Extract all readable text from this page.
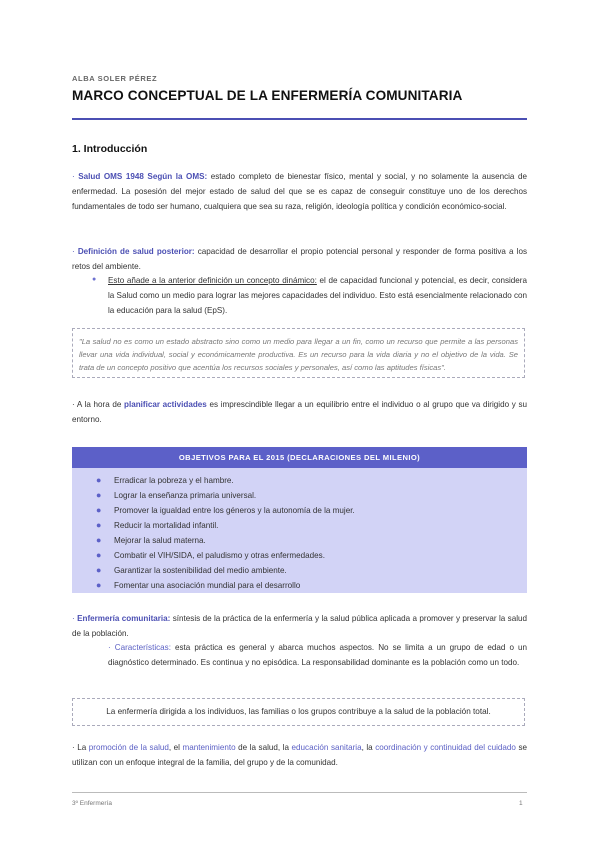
ALBA SOLER PÉREZ
MARCO CONCEPTUAL DE LA ENFERMERÍA COMUNITARIA
1. Introducción
· Salud OMS 1948 Según la OMS: estado completo de bienestar físico, mental y social, y no solamente la ausencia de enfermedad. La posesión del mejor estado de salud del que se es capaz de conseguir constituye uno de los derechos fundamentales de todo ser humano, cualquiera que sea su raza, religión, ideología política y condición económico-social.
· Definición de salud posterior: capacidad de desarrollar el propio potencial personal y responder de forma positiva a los retos del ambiente.
● Esto añade a la anterior definición un concepto dinámico: el de capacidad funcional y potencial, es decir, considera la Salud como un medio para lograr las mejores capacidades del individuo. Esto está esencialmente relacionado con la educación para la salud (EpS).
"La salud no es como un estado abstracto sino como un medio para llegar a un fin, como un recurso que permite a las personas llevar una vida individual, social y económicamente productiva. Es un recurso para la vida diaria y no el objetivo de la vida. Se trata de un concepto positivo que acentúa los recursos sociales y personales, así como las aptitudes físicas".
· A la hora de planificar actividades es imprescindible llegar a un equilibrio entre el individuo o al grupo que va dirigido y su entorno.
OBJETIVOS PARA EL 2015 (DECLARACIONES DEL MILENIO)
● Erradicar la pobreza y el hambre.
● Lograr la enseñanza primaria universal.
● Promover la igualdad entre los géneros y la autonomía de la mujer.
● Reducir la mortalidad infantil.
● Mejorar la salud materna.
● Combatir el VIH/SIDA, el paludismo y otras enfermedades.
● Garantizar la sostenibilidad del medio ambiente.
● Fomentar una asociación mundial para el desarrollo
· Enfermería comunitaria: síntesis de la práctica de la enfermería y la salud pública aplicada a promover y preservar la salud de la población.
· Características: esta práctica es general y abarca muchos aspectos. No se limita a un grupo de edad o un diagnóstico determinado. Es continua y no episódica. La responsabilidad dominante es la población como un todo.
La enfermería dirigida a los individuos, las familias o los grupos contribuye a la salud de la población total.
· La promoción de la salud, el mantenimiento de la salud, la educación sanitaria, la coordinación y continuidad del cuidado se utilizan con un enfoque integral de la familia, del grupo y de la comunidad.
3º Enfermería	1
